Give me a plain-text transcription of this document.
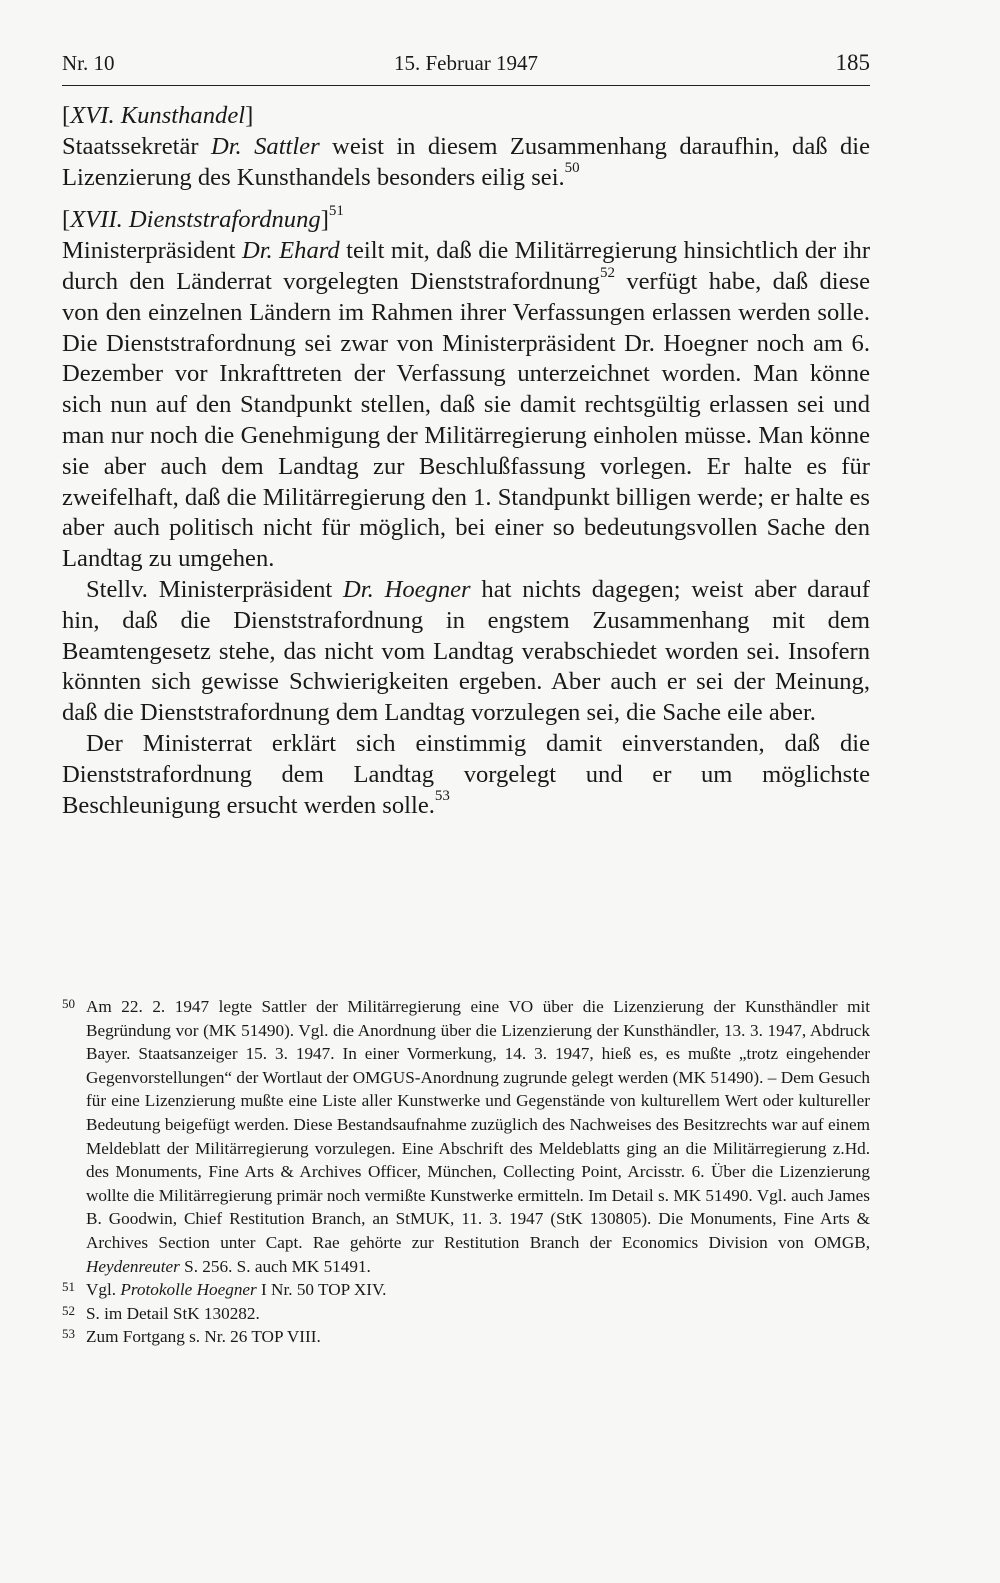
Nr. 10	15. Februar 1947	185

[XVI. Kunsthandel]

Staatssekretär Dr. Sattler weist in diesem Zusammenhang daraufhin, daß die Lizenzierung des Kunsthandels besonders eilig sei.$^{50}$

[XVII. Dienststrafordnung]$^{51}$

Ministerpräsident Dr. Ehard teilt mit, daß die Militärregierung hinsichtlich der ihr durch den Länderrat vorgelegten Dienststrafordnung$^{52}$ verfügt habe, daß diese von den einzelnen Ländern im Rahmen ihrer Verfassungen erlassen werden solle. Die Dienststrafordnung sei zwar von Ministerpräsident Dr. Hoegner noch am 6. Dezember vor Inkrafttreten der Verfassung unterzeichnet worden. Man könne sich nun auf den Standpunkt stellen, daß sie damit rechtsgültig erlassen sei und man nur noch die Genehmigung der Militärregierung einholen müsse. Man könne sie aber auch dem Landtag zur Beschlußfassung vorlegen. Er halte es für zweifelhaft, daß die Militärregierung den 1. Standpunkt billigen werde; er halte es aber auch politisch nicht für möglich, bei einer so bedeutungsvollen Sache den Landtag zu umgehen.

Stellv. Ministerpräsident Dr. Hoegner hat nichts dagegen; weist aber darauf hin, daß die Dienststrafordnung in engstem Zusammenhang mit dem Beamtengesetz stehe, das nicht vom Landtag verabschiedet worden sei. Insofern könnten sich gewisse Schwierigkeiten ergeben. Aber auch er sei der Meinung, daß die Dienststrafordnung dem Landtag vorzulegen sei, die Sache eile aber.

Der Ministerrat erklärt sich einstimmig damit einverstanden, daß die Dienststrafordnung dem Landtag vorgelegt und er um möglichste Beschleunigung ersucht werden solle.$^{53}$

50 Am 22. 2. 1947 legte Sattler der Militärregierung eine VO über die Lizenzierung der Kunsthändler mit Begründung vor (MK 51490). Vgl. die Anordnung über die Lizenzierung der Kunsthändler, 13. 3. 1947, Abdruck Bayer. Staatsanzeiger 15. 3. 1947. In einer Vormerkung, 14. 3. 1947, hieß es, es mußte „trotz eingehender Gegenvorstellungen“ der Wortlaut der OMGUS-Anordnung zugrunde gelegt werden (MK 51490). – Dem Gesuch für eine Lizenzierung mußte eine Liste aller Kunstwerke und Gegenstände von kulturellem Wert oder kultureller Bedeutung beigefügt werden. Diese Bestandsaufnahme zuzüglich des Nachweises des Besitzrechts war auf einem Meldeblatt der Militärregierung vorzulegen. Eine Abschrift des Meldeblatts ging an die Militärregierung z.Hd. des Monuments, Fine Arts & Archives Officer, München, Collecting Point, Arcisstr. 6. Über die Lizenzierung wollte die Militärregierung primär noch vermißte Kunstwerke ermitteln. Im Detail s. MK 51490. Vgl. auch James B. Goodwin, Chief Restitution Branch, an StMUK, 11. 3. 1947 (StK 130805). Die Monuments, Fine Arts & Archives Section unter Capt. Rae gehörte zur Restitution Branch der Economics Division von OMGB, Heydenreuter S. 256. S. auch MK 51491.

51 Vgl. Protokolle Hoegner I Nr. 50 TOP XIV.

52 S. im Detail StK 130282.

53 Zum Fortgang s. Nr. 26 TOP VIII.
